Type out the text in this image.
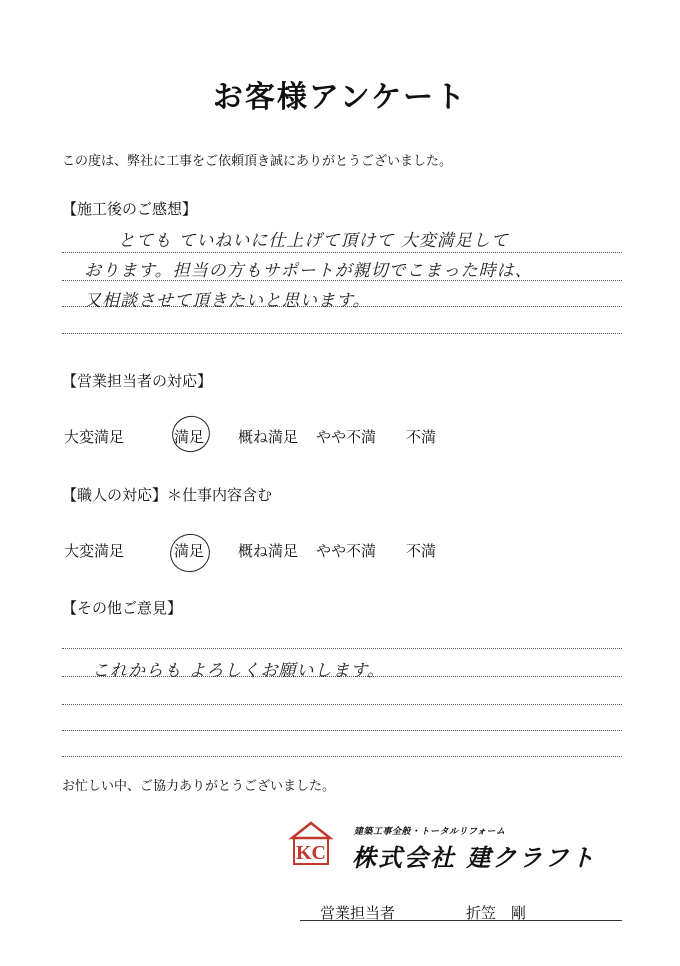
お客様アンケート
この度は、弊社に工事をご依頼頂き誠にありがとうございました。
【施工後のご感想】
とても ていねいに仕上げて頂けて 大変満足して
おります。担当の方もサポートが親切でこまった時は、
又相談させて頂きたいと思います。
【営業担当者の対応】
大変満足	満足 概ね満足 やや不満 不満
【職人の対応】＊仕事内容含む
大変満足	満足 概ね満足 やや不満 不満
【その他ご意見】
これからも よろしくお願いします。
お忙しい中、ご協力ありがとうございました。
KC
建築工事全般・トータルリフォーム
株式会社 建クラフト
営業担当者	折笠　剛
